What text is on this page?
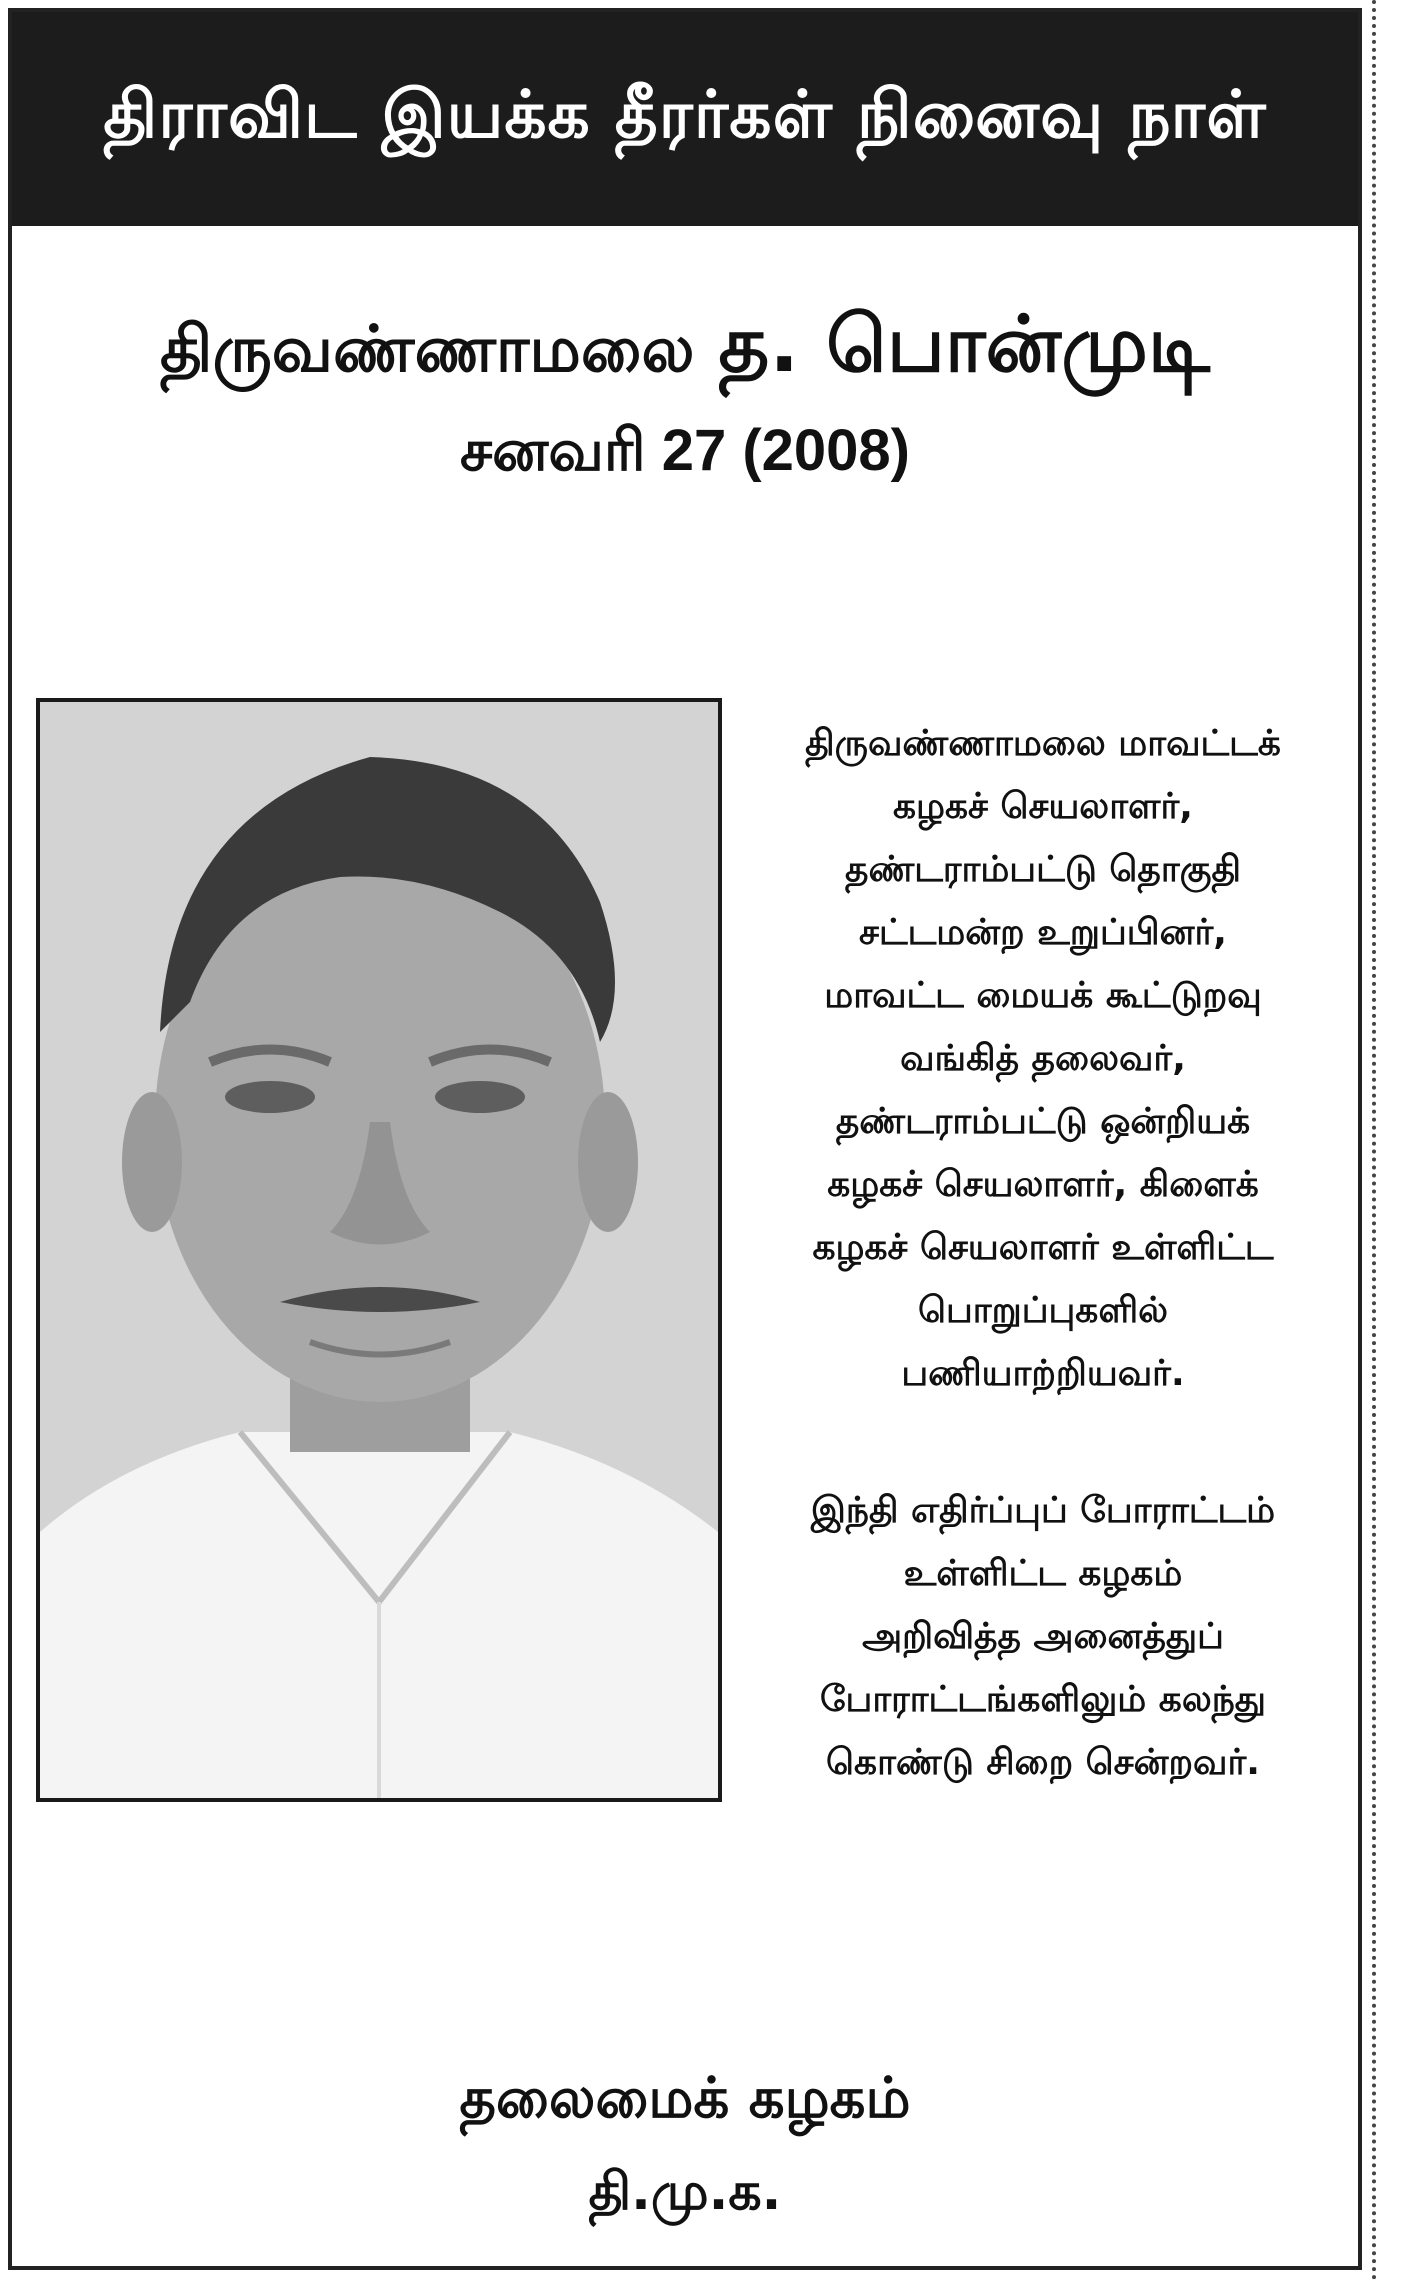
திராவிட இயக்க தீரர்கள் நினைவு நாள்
திருவண்ணாமலை த. பொன்முடி
சனவரி 27 (2008)
திருவண்ணாமலை மாவட்டக்
கழகச் செயலாளர்,
தண்டராம்பட்டு தொகுதி
சட்டமன்ற உறுப்பினர்,
மாவட்ட மையக் கூட்டுறவு
வங்கித் தலைவர்,
தண்டராம்பட்டு ஒன்றியக்
கழகச் செயலாளர், கிளைக்
கழகச் செயலாளர் உள்ளிட்ட
பொறுப்புகளில்
பணியாற்றியவர்.
இந்தி எதிர்ப்புப் போராட்டம்
உள்ளிட்ட கழகம்
அறிவித்த அனைத்துப்
போராட்டங்களிலும் கலந்து
கொண்டு சிறை சென்றவர்.
தலைமைக் கழகம்
தி.மு.க.
